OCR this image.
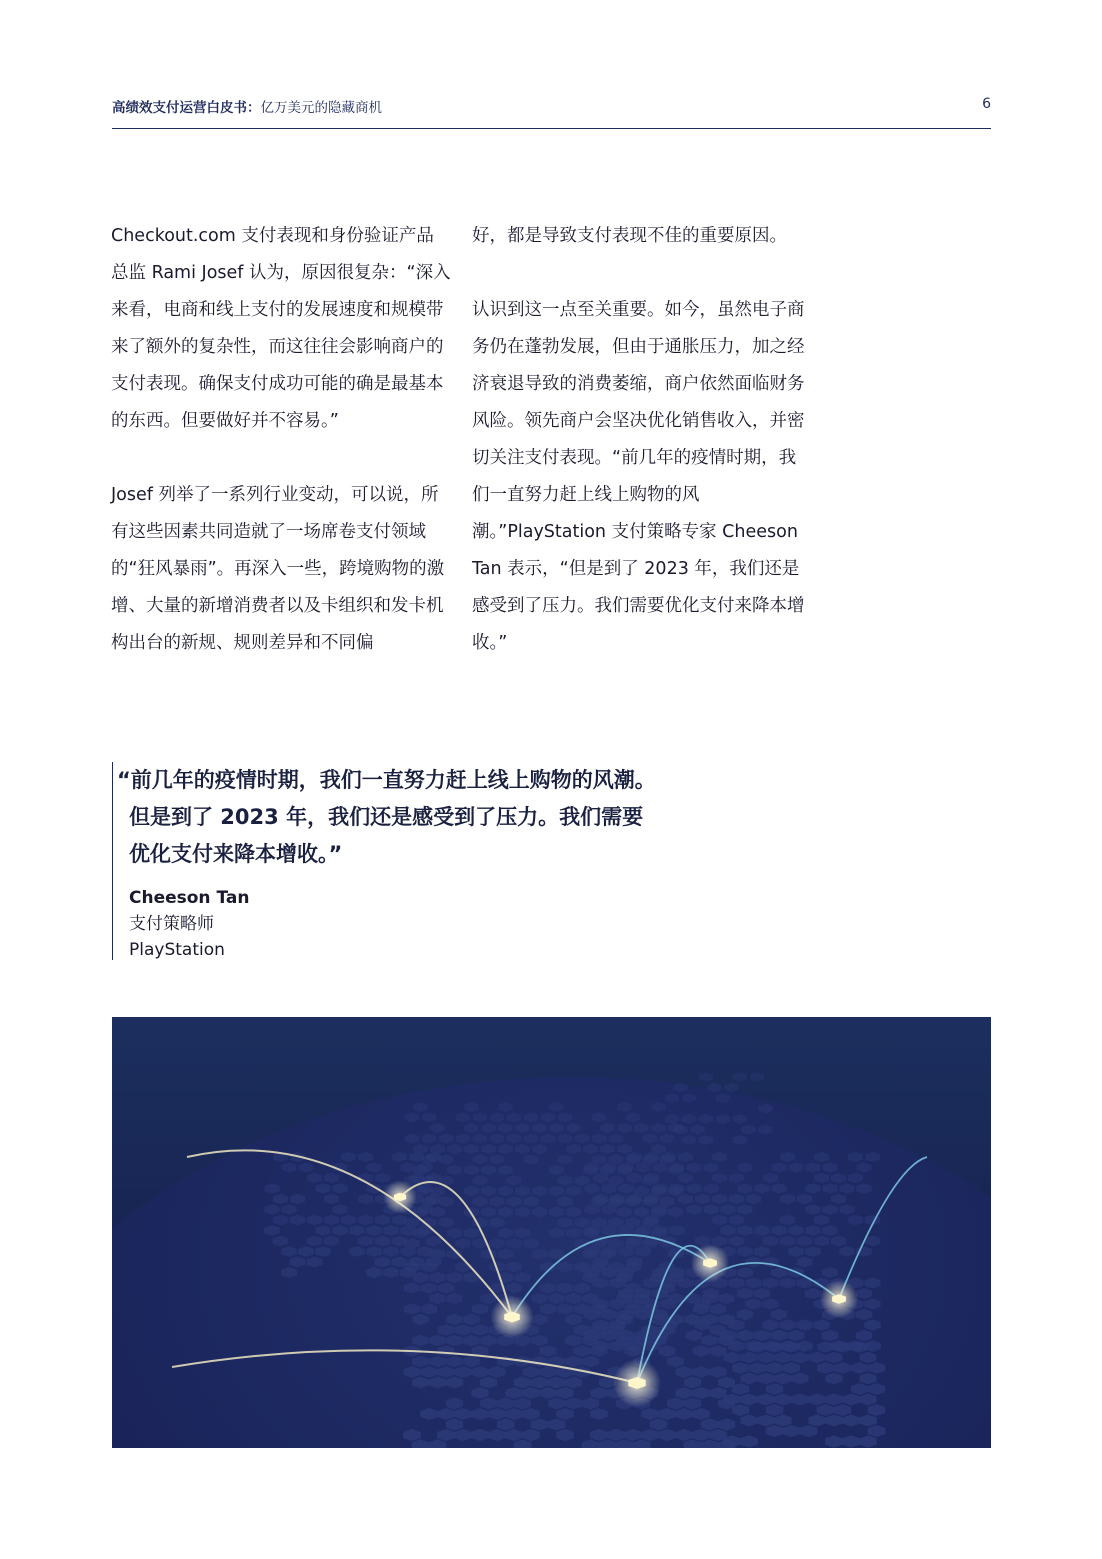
高绩效支付运营白皮书：亿万美元的隐藏商机	6

Checkout.com 支付表现和身份验证产品总监 Rami Josef 认为，原因很复杂：“深入来看，电商和线上支付的发展速度和规模带来了额外的复杂性，而这往往会影响商户的支付表现。确保支付成功可能的确是最基本的东西。但要做好并不容易。”

Josef 列举了一系列行业变动，可以说，所有这些因素共同造就了一场席卷支付领域的“狂风暴雨”。再深入一些，跨境购物的激增、大量的新增消费者以及卡组织和发卡机构出台的新规、规则差异和不同偏

好，都是导致支付表现不佳的重要原因。

认识到这一点至关重要。如今，虽然电子商务仍在蓬勃发展，但由于通胀压力，加之经济衰退导致的消费萎缩，商户依然面临财务风险。领先商户会坚决优化销售收入，并密切关注支付表现。“前几年的疫情时期，我们一直努力赶上线上购物的风潮。”PlayStation 支付策略专家 Cheeson Tan 表示，“但是到了 2023 年，我们还是感受到了压力。我们需要优化支付来降本增收。”

“前几年的疫情时期，我们一直努力赶上线上购物的风潮。
但是到了 2023 年，我们还是感受到了压力。我们需要
优化支付来降本增收。”
Cheeson Tan
支付策略师
PlayStation
